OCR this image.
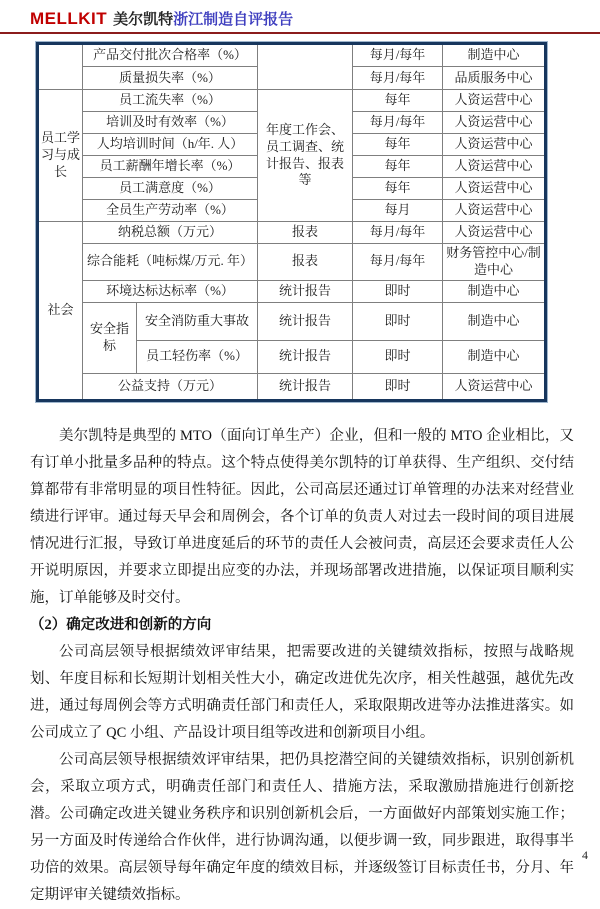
MELLKIT 美尔凯特浙江制造自评报告
	产品交付批次合格率（%）			每月/每年	制造中心
	质量损失率（%）			每月/每年	品质服务中心
员工学习与成长	员工流失率（%）		年度工作会、员工调查、统计报告、报表等	每年	人资运营中心
	培训及时有效率（%）			每月/每年	人资运营中心
	人均培训时间（h/年. 人）			每年	人资运营中心
	员工薪酬年增长率（%）			每年	人资运营中心
	员工满意度（%）			每年	人资运营中心
	全员生产劳动率（%）			每月	人资运营中心
社会	纳税总额（万元）		报表	每月/每年	人资运营中心
	综合能耗（吨标煤/万元. 年）		报表	每月/每年	财务管控中心/制造中心
	环境达标达标率（%）		统计报告	即时	制造中心
	安全指标	安全消防重大事故	统计报告	即时	制造中心
		员工轻伤率（%）	统计报告	即时	制造中心
	公益支持（万元）		统计报告	即时	人资运营中心

美尔凯特是典型的 MTO（面向订单生产）企业，但和一般的 MTO 企业相比，又有订单小批量多品种的特点。这个特点使得美尔凯特的订单获得、生产组织、交付结算都带有非常明显的项目性特征。因此，公司高层还通过订单管理的办法来对经营业绩进行评审。通过每天早会和周例会，各个订单的负责人对过去一段时间的项目进展情况进行汇报，导致订单进度延后的环节的责任人会被问责，高层还会要求责任人公开说明原因，并要求立即提出应变的办法，并现场部署改进措施，以保证项目顺利实施，订单能够及时交付。

（2）确定改进和创新的方向

公司高层领导根据绩效评审结果，把需要改进的关键绩效指标，按照与战略规划、年度目标和长短期计划相关性大小，确定改进优先次序，相关性越强，越优先改进，通过每周例会等方式明确责任部门和责任人，采取限期改进等办法推进落实。如公司成立了 QC 小组、产品设计项目组等改进和创新项目小组。

公司高层领导根据绩效评审结果，把仍具挖潜空间的关键绩效指标，识别创新机会，采取立项方式，明确责任部门和责任人、措施方法，采取激励措施进行创新挖潜。公司确定改进关键业务秩序和识别创新机会后，一方面做好内部策划实施工作；另一方面及时传递给合作伙伴，进行协调沟通，以便步调一致，同步跟进，取得事半功倍的效果。高层领导每年确定年度的绩效目标，并逐级签订目标责任书，分月、年定期评审关键绩效指标。

4
